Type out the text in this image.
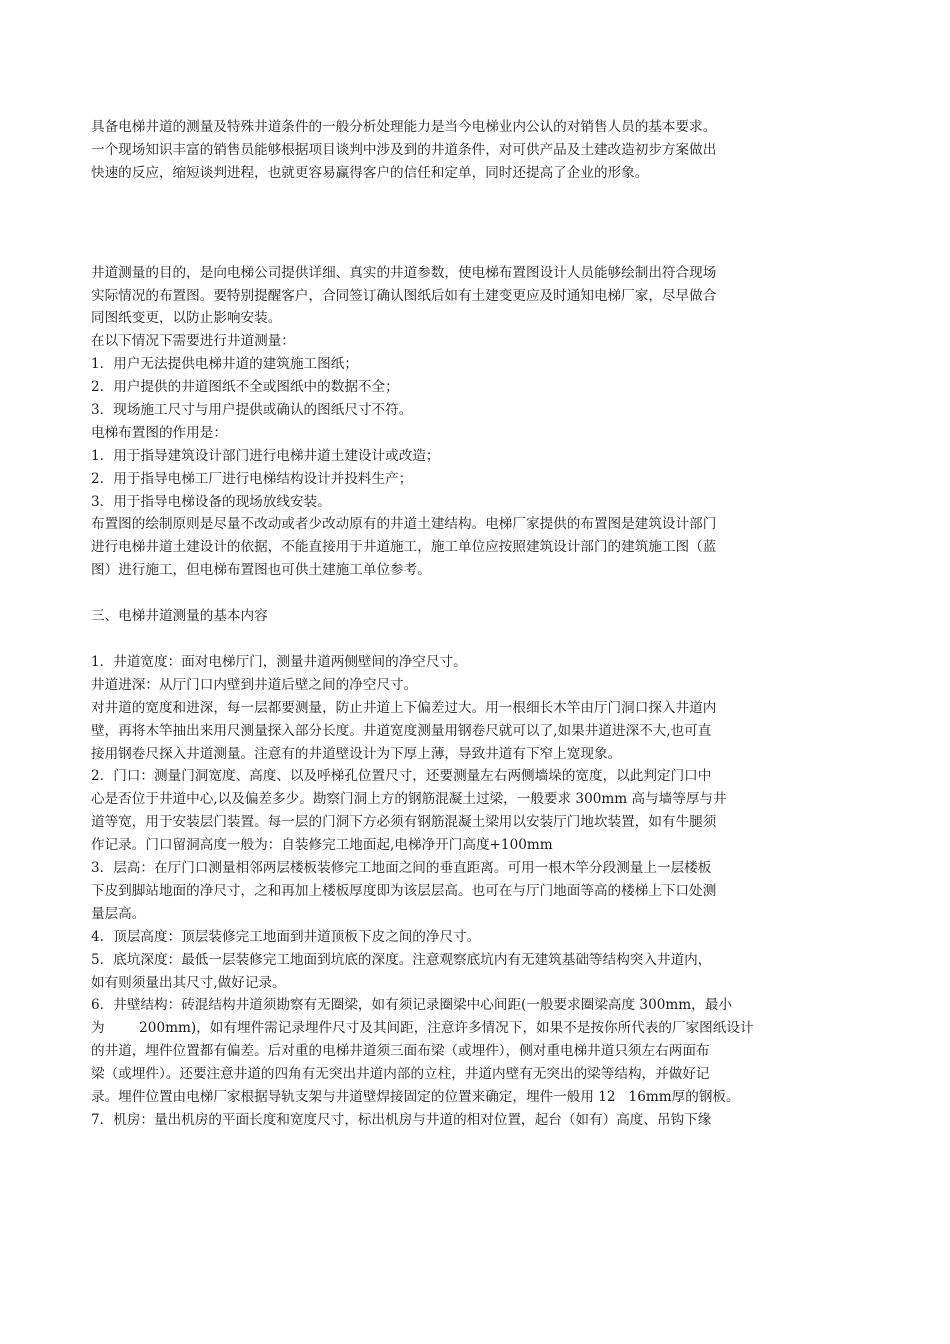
具备电梯井道的测量及特殊井道条件的一般分析处理能力是当今电梯业内公认的对销售人员的基本要求。
一个现场知识丰富的销售员能够根据项目谈判中涉及到的井道条件，对可供产品及土建改造初步方案做出
快速的反应，缩短谈判进程，也就更容易赢得客户的信任和定单，同时还提高了企业的形象。
井道测量的目的，是向电梯公司提供详细、真实的井道参数，使电梯布置图设计人员能够绘制出符合现场
实际情况的布置图。要特别提醒客户，合同签订确认图纸后如有土建变更应及时通知电梯厂家，尽早做合
同图纸变更，以防止影响安装。
在以下情况下需要进行井道测量：
1．用户无法提供电梯井道的建筑施工图纸；
2．用户提供的井道图纸不全或图纸中的数据不全；
3．现场施工尺寸与用户提供或确认的图纸尺寸不符。
电梯布置图的作用是：
1．用于指导建筑设计部门进行电梯井道土建设计或改造；
2．用于指导电梯工厂进行电梯结构设计并投料生产；
3．用于指导电梯设备的现场放线安装。
布置图的绘制原则是尽量不改动或者少改动原有的井道土建结构。电梯厂家提供的布置图是建筑设计部门
进行电梯井道土建设计的依据，不能直接用于井道施工，施工单位应按照建筑设计部门的建筑施工图（蓝
图）进行施工，但电梯布置图也可供土建施工单位参考。
三、电梯井道测量的基本内容
1．井道宽度：面对电梯厅门，测量井道两侧壁间的净空尺寸。
井道进深：从厅门口内壁到井道后壁之间的净空尺寸。
对井道的宽度和进深，每一层都要测量，防止井道上下偏差过大。用一根细长木竿由厅门洞口探入井道内
壁，再将木竿抽出来用尺测量探入部分长度。井道宽度测量用钢卷尺就可以了,如果井道进深不大,也可直
接用钢卷尺探入井道测量。注意有的井道壁设计为下厚上薄，导致井道有下窄上宽现象。
2．门口：测量门洞宽度、高度、以及呼梯孔位置尺寸，还要测量左右两侧墙垛的宽度，以此判定门口中
心是否位于井道中心,以及偏差多少。勘察门洞上方的钢筋混凝土过梁，一般要求 300mm 高与墙等厚与井
道等宽，用于安装层门装置。每一层的门洞下方必须有钢筋混凝土梁用以安装厅门地坎装置，如有牛腿须
作记录。门口留洞高度一般为：自装修完工地面起,电梯净开门高度+100mm
3．层高：在厅门口测量相邻两层楼板装修完工地面之间的垂直距离。可用一根木竿分段测量上一层楼板
下皮到脚站地面的净尺寸，之和再加上楼板厚度即为该层层高。也可在与厅门地面等高的楼梯上下口处测
量层高。
4．顶层高度：顶层装修完工地面到井道顶板下皮之间的净尺寸。
5．底坑深度：最低一层装修完工地面到坑底的深度。注意观察底坑内有无建筑基础等结构突入井道内，
如有则须量出其尺寸,做好记录。
6．井壁结构：砖混结构井道须勘察有无圈梁，如有须记录圈梁中心间距(一般要求圈梁高度 300mm，最小
为        200mm)，如有埋件需记录埋件尺寸及其间距，注意许多情况下，如果不是按你所代表的厂家图纸设计
的井道，埋件位置都有偏差。后对重的电梯井道须三面布梁（或埋件），侧对重电梯井道只须左右两面布
梁（或埋件）。还要注意井道的四角有无突出井道内部的立柱，井道内壁有无突出的梁等结构，并做好记
录。埋件位置由电梯厂家根据导轨支架与井道壁焊接固定的位置来确定，埋件一般用 12   16mm厚的钢板。
7．机房：量出机房的平面长度和宽度尺寸，标出机房与井道的相对位置，起台（如有）高度、吊钩下缘
